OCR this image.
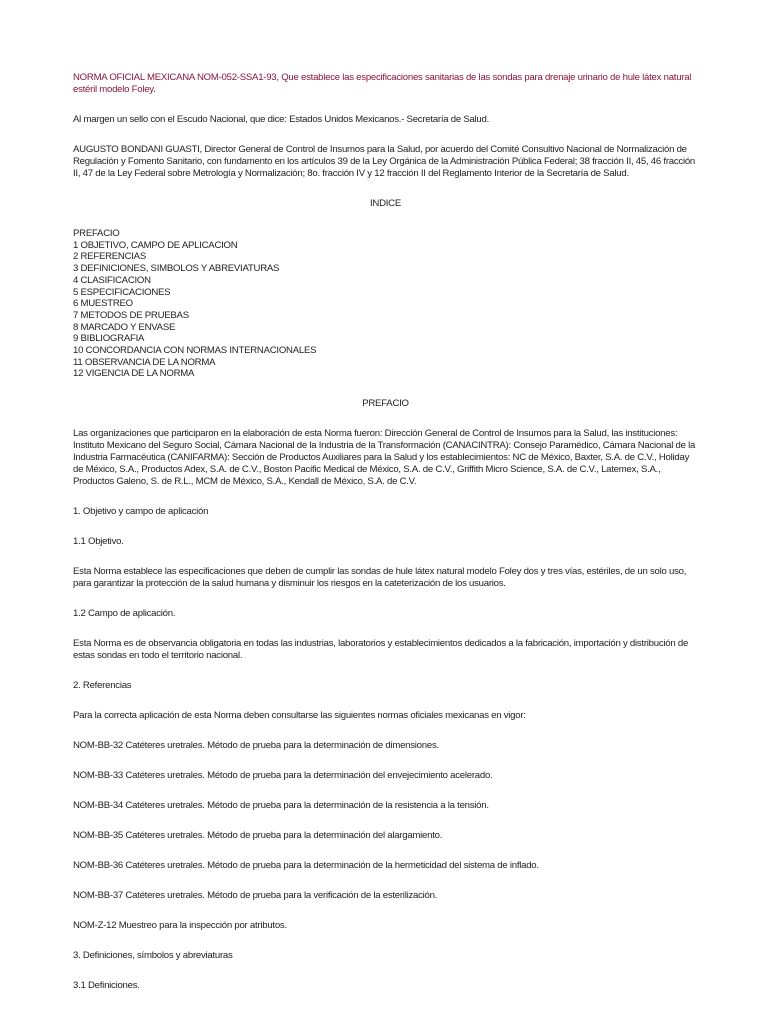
NORMA OFICIAL MEXICANA NOM-052-SSA1-93, Que establece las especificaciones sanitarias de las sondas para drenaje urinario de hule látex natural estéril modelo Foley.

Al margen un sello con el Escudo Nacional, que dice: Estados Unidos Mexicanos.- Secretaría de Salud.

AUGUSTO BONDANI GUASTI, Director General de Control de Insumos para la Salud, por acuerdo del Comité Consultivo Nacional de Normalización de Regulación y Fomento Sanitario, con fundamento en los artículos 39 de la Ley Orgánica de la Administración Pública Federal; 38 fracción II, 45, 46 fracción II, 47 de la Ley Federal sobre Metrología y Normalización; 8o. fracción IV y 12 fracción II del Reglamento Interior de la Secretaría de Salud.

INDICE

PREFACIO
1 OBJETIVO, CAMPO DE APLICACION
2 REFERENCIAS
3 DEFINICIONES, SIMBOLOS Y ABREVIATURAS
4 CLASIFICACION
5 ESPECIFICACIONES
6 MUESTREO
7 METODOS DE PRUEBAS
8 MARCADO Y ENVASE
9 BIBLIOGRAFIA
10 CONCORDANCIA CON NORMAS INTERNACIONALES
11 OBSERVANCIA DE LA NORMA
12 VIGENCIA DE LA NORMA

PREFACIO

Las organizaciones que participaron en la elaboración de esta Norma fueron: Dirección General de Control de Insumos para la Salud, las instituciones: Instituto Mexicano del Seguro Social, Cámara Nacional de la Industria de la Transformación (CANACINTRA): Consejo Paramédico, Cámara Nacional de la Industria Farmacéutica (CANIFARMA): Sección de Productos Auxiliares para la Salud y los establecimientos: NC de México, Baxter, S.A. de C.V., Holiday de México, S.A., Productos Adex, S.A. de C.V., Boston Pacific Medical de México, S.A. de C.V., Griffith Micro Science, S.A. de C.V., Latemex, S.A., Productos Galeno, S. de R.L., MCM de México, S.A., Kendall de México, S.A. de C.V.

1. Objetivo y campo de aplicación

1.1 Objetivo.

Esta Norma establece las especificaciones que deben de cumplir las sondas de hule látex natural modelo Foley dos y tres vías, estériles, de un solo uso, para garantizar la protección de la salud humana y disminuir los riesgos en la cateterización de los usuarios.

1.2 Campo de aplicación.

Esta Norma es de observancia obligatoria en todas las industrias, laboratorios y establecimientos dedicados a la fabricación, importación y distribución de estas sondas en todo el territorio nacional.

2. Referencias

Para la correcta aplicación de esta Norma deben consultarse las siguientes normas oficiales mexicanas en vigor:

NOM-BB-32 Catéteres uretrales. Método de prueba para la determinación de dimensiones.

NOM-BB-33 Catéteres uretrales. Método de prueba para la determinación del envejecimiento acelerado.

NOM-BB-34 Catéteres uretrales. Método de prueba para la determinación de la resistencia a la tensión.

NOM-BB-35 Catéteres uretrales. Método de prueba para la determinación del alargamiento.

NOM-BB-36 Catéteres uretrales. Método de prueba para la determinación de la hermeticidad del sistema de inflado.

NOM-BB-37 Catéteres uretrales. Método de prueba para la verificación de la esterilización.

NOM-Z-12 Muestreo para la inspección por atributos.

3. Definiciones, símbolos y abreviaturas

3.1 Definiciones.
